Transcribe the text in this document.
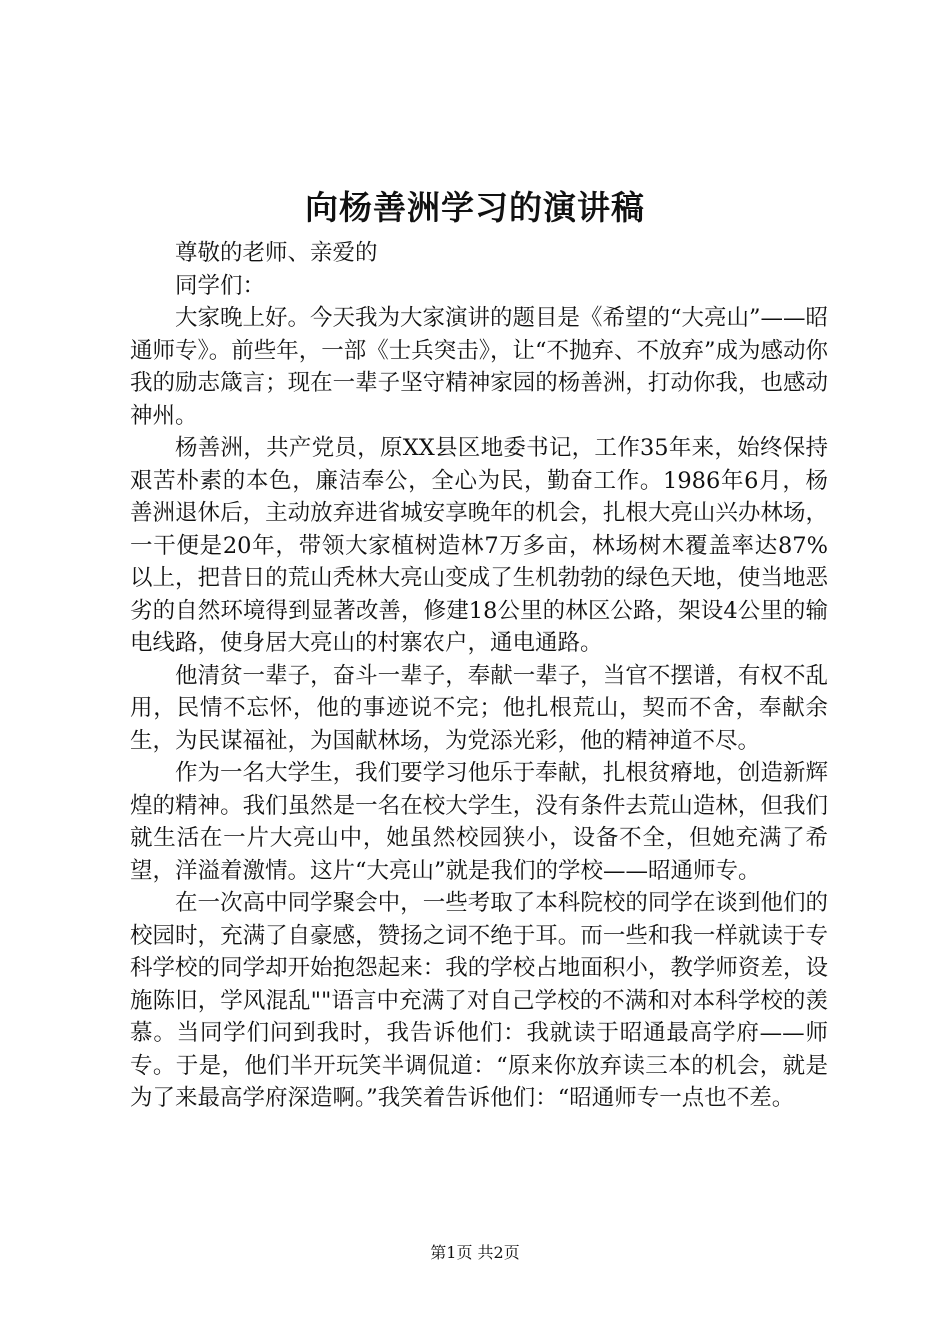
向杨善洲学习的演讲稿

尊敬的老师、亲爱的

同学们：

大家晚上好。今天我为大家演讲的题目是《希望的“大亮山”——昭通师专》。前些年，一部《士兵突击》，让“不抛弃、不放弃”成为感动你我的励志箴言；现在一辈子坚守精神家园的杨善洲，打动你我，也感动神州。

杨善洲，共产党员，原XX县区地委书记，工作35年来，始终保持艰苦朴素的本色，廉洁奉公，全心为民，勤奋工作。1986年6月，杨善洲退休后，主动放弃进省城安享晚年的机会，扎根大亮山兴办林场，一干便是20年，带领大家植树造林7万多亩，林场树木覆盖率达87%以上，把昔日的荒山秃林大亮山变成了生机勃勃的绿色天地，使当地恶劣的自然环境得到显著改善，修建18公里的林区公路，架设4公里的输电线路，使身居大亮山的村寨农户，通电通路。

他清贫一辈子，奋斗一辈子，奉献一辈子，当官不摆谱，有权不乱用，民情不忘怀，他的事迹说不完；他扎根荒山，契而不舍，奉献余生，为民谋福祉，为国献林场，为党添光彩，他的精神道不尽。

作为一名大学生，我们要学习他乐于奉献，扎根贫瘠地，创造新辉煌的精神。我们虽然是一名在校大学生，没有条件去荒山造林，但我们就生活在一片大亮山中，她虽然校园狭小，设备不全，但她充满了希望，洋溢着激情。这片“大亮山”就是我们的学校——昭通师专。

在一次高中同学聚会中，一些考取了本科院校的同学在谈到他们的校园时，充满了自豪感，赞扬之词不绝于耳。而一些和我一样就读于专科学校的同学却开始抱怨起来：我的学校占地面积小，教学师资差，设施陈旧，学风混乱""语言中充满了对自己学校的不满和对本科学校的羡慕。当同学们问到我时，我告诉他们：我就读于昭通最高学府——师专。于是，他们半开玩笑半调侃道：“原来你放弃读三本的机会，就是为了来最高学府深造啊。”我笑着告诉他们：“昭通师专一点也不差。

第1页 共2页
